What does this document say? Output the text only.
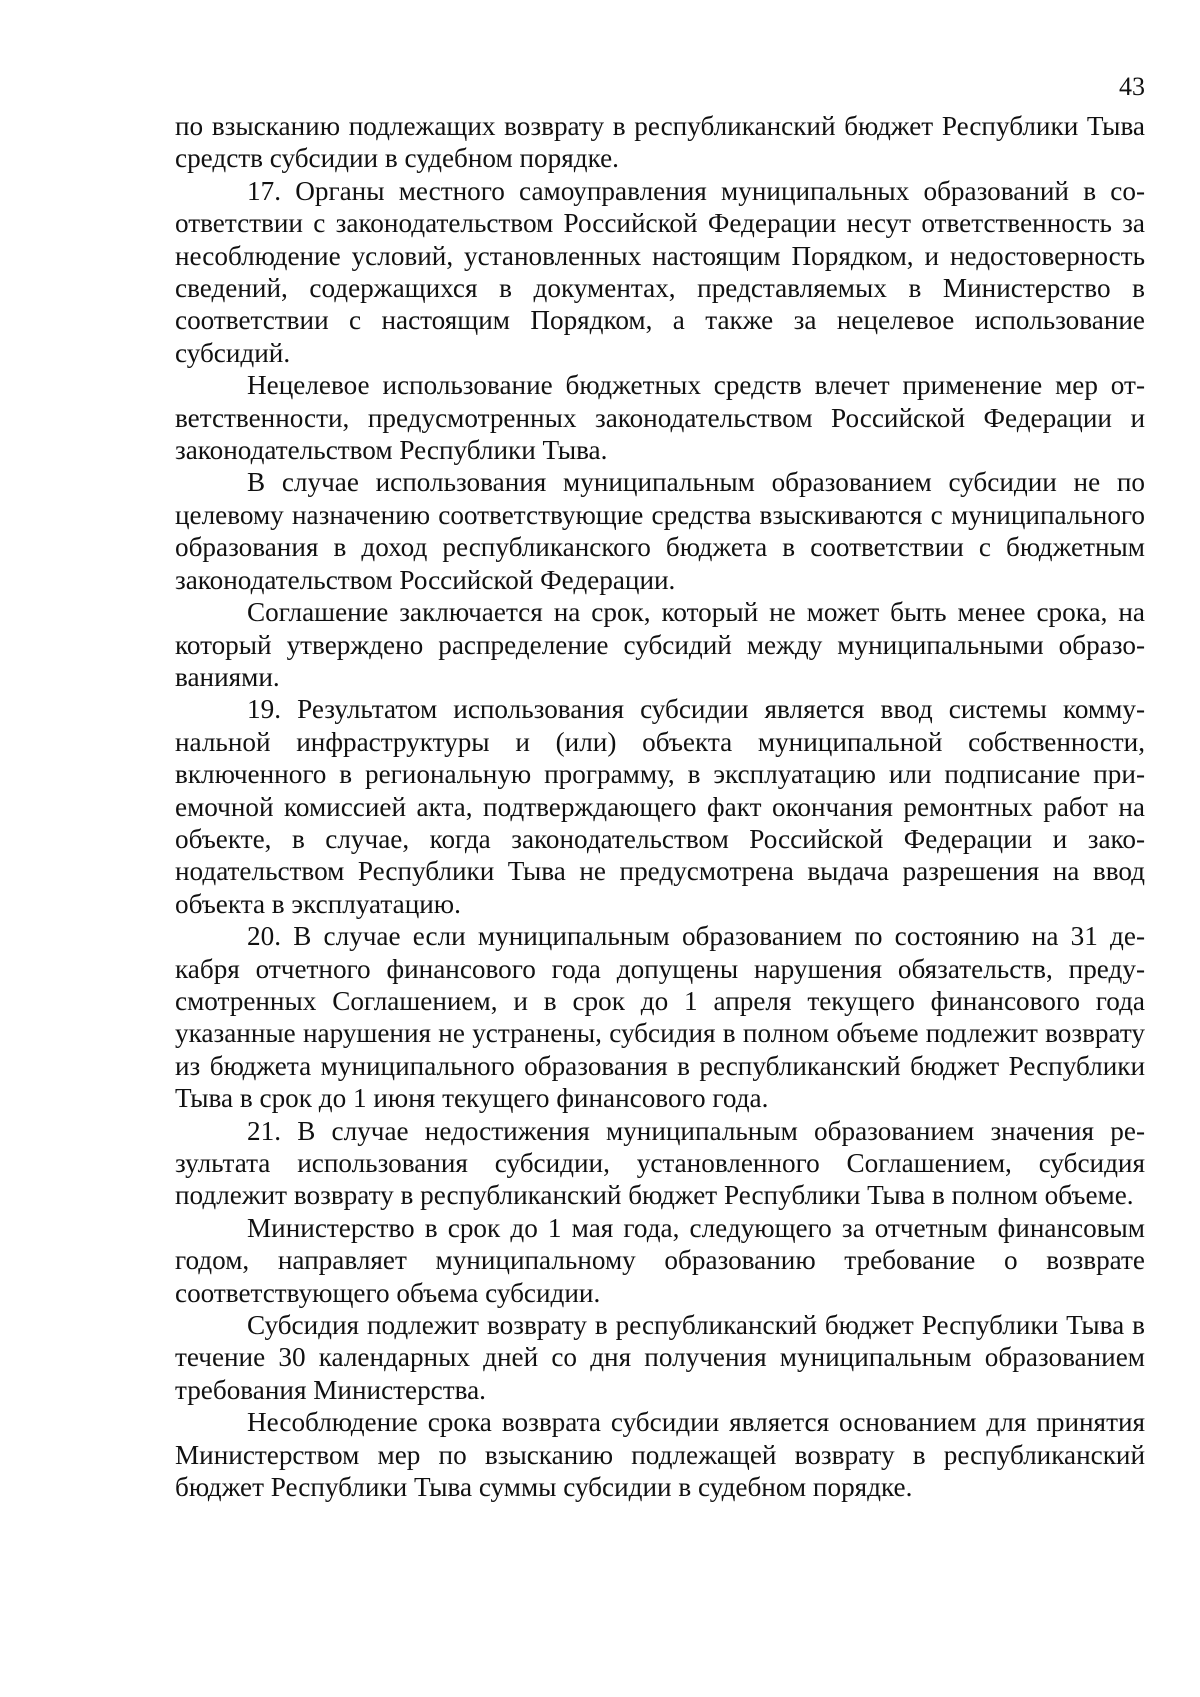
43

по взысканию подлежащих возврату в республиканский бюджет Республики Тыва средств субсидии в судебном порядке.

17. Органы местного самоуправления муниципальных образований в соответствии с законодательством Российской Федерации несут ответственность за несоблюдение условий, установленных настоящим Порядком, и недостоверность сведений, содержащихся в документах, представляемых в Министерство в соответствии с настоящим Порядком, а также за нецелевое использование субсидий.

Нецелевое использование бюджетных средств влечет применение мер ответственности, предусмотренных законодательством Российской Федерации и законодательством Республики Тыва.

В случае использования муниципальным образованием субсидии не по целевому назначению соответствующие средства взыскиваются с муниципального образования в доход республиканского бюджета в соответствии с бюджетным законодательством Российской Федерации.

Соглашение заключается на срок, который не может быть менее срока, на который утверждено распределение субсидий между муниципальными образованиями.

19. Результатом использования субсидии является ввод системы коммунальной инфраструктуры и (или) объекта муниципальной собственности, включенного в региональную программу, в эксплуатацию или подписание приемочной комиссией акта, подтверждающего факт окончания ремонтных работ на объекте, в случае, когда законодательством Российской Федерации и законодательством Республики Тыва не предусмотрена выдача разрешения на ввод объекта в эксплуатацию.

20. В случае если муниципальным образованием по состоянию на 31 декабря отчетного финансового года допущены нарушения обязательств, предусмотренных Соглашением, и в срок до 1 апреля текущего финансового года указанные нарушения не устранены, субсидия в полном объеме подлежит возврату из бюджета муниципального образования в республиканский бюджет Республики Тыва в срок до 1 июня текущего финансового года.

21. В случае недостижения муниципальным образованием значения результата использования субсидии, установленного Соглашением, субсидия подлежит возврату в республиканский бюджет Республики Тыва в полном объеме.

Министерство в срок до 1 мая года, следующего за отчетным финансовым годом, направляет муниципальному образованию требование о возврате соответствующего объема субсидии.

Субсидия подлежит возврату в республиканский бюджет Республики Тыва в течение 30 календарных дней со дня получения муниципальным образованием требования Министерства.

Несоблюдение срока возврата субсидии является основанием для принятия Министерством мер по взысканию подлежащей возврату в республиканский бюджет Республики Тыва суммы субсидии в судебном порядке.
